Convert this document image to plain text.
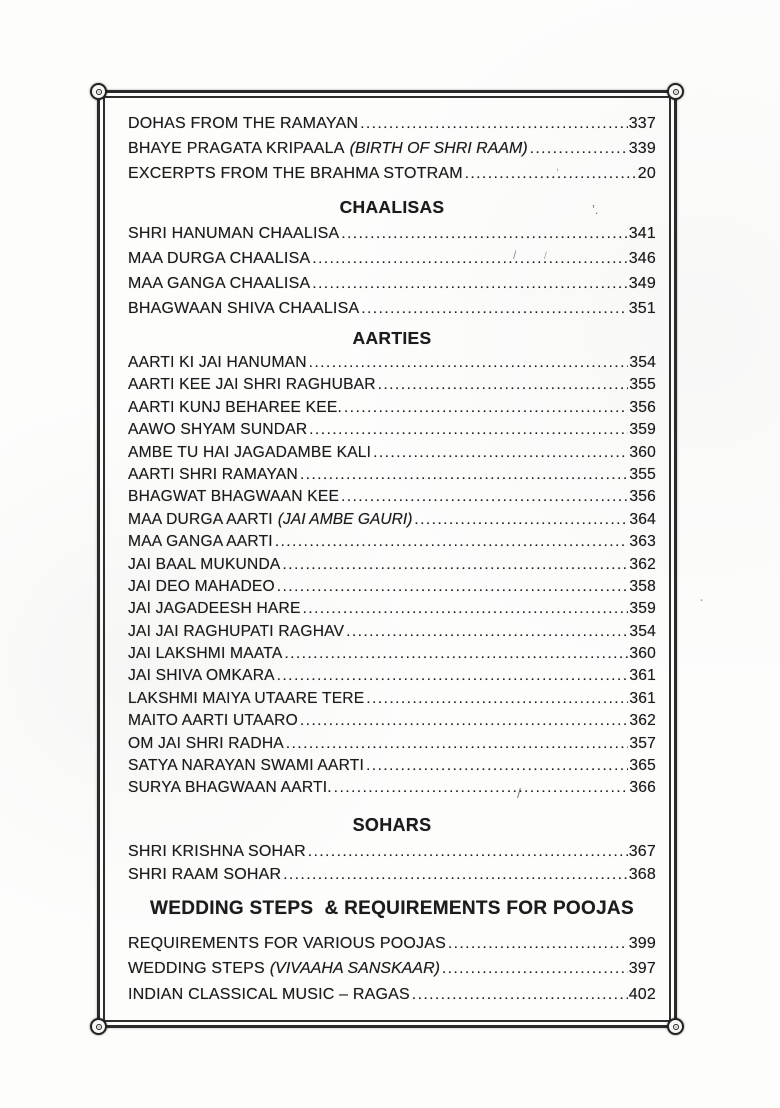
DOHAS FROM THE RAMAYAN .....	337
BHAYE PRAGATA KRIPAALA (BIRTH OF SHRI RAAM) .....	339
EXCERPTS FROM THE BRAHMA STOTRAM .....	20
CHAALISAS
SHRI HANUMAN CHAALISA .....	341
MAA DURGA CHAALISA .....	346
MAA GANGA CHAALISA .....	349
BHAGWAAN SHIVA CHAALISA .....	351
AARTIES
AARTI KI JAI HANUMAN .....	354
AARTI KEE JAI SHRI RAGHUBAR .....	355
AARTI KUNJ BEHAREE KEE. .....	356
AAWO SHYAM SUNDAR .....	359
AMBE TU HAI JAGADAMBE KALI .....	360
AARTI SHRI RAMAYAN .....	355
BHAGWAT BHAGWAAN KEE .....	356
MAA DURGA AARTI (JAI AMBE GAURI) .....	364
MAA GANGA AARTI .....	363
JAI BAAL MUKUNDA .....	362
JAI DEO MAHADEO .....	358
JAI JAGADEESH HARE .....	359
JAI JAI RAGHUPATI RAGHAV .....	354
JAI LAKSHMI MAATA .....	360
JAI SHIVA OMKARA .....	361
LAKSHMI MAIYA UTAARE TERE .....	361
MAITO AARTI UTAARO .....	362
OM JAI SHRI RADHA .....	357
SATYA NARAYAN SWAMI AARTI .....	365
SURYA BHAGWAAN AARTI. .....	366
SOHARS
SHRI KRISHNA SOHAR .....	367
SHRI RAAM SOHAR .....	368
WEDDING STEPS  & REQUIREMENTS FOR POOJAS
REQUIREMENTS FOR VARIOUS POOJAS .....	399
WEDDING STEPS (VIVAAHA SANSKAAR) .....	397
INDIAN CLASSICAL MUSIC – RAGAS .....	402
’.
/	/
/
·
,
